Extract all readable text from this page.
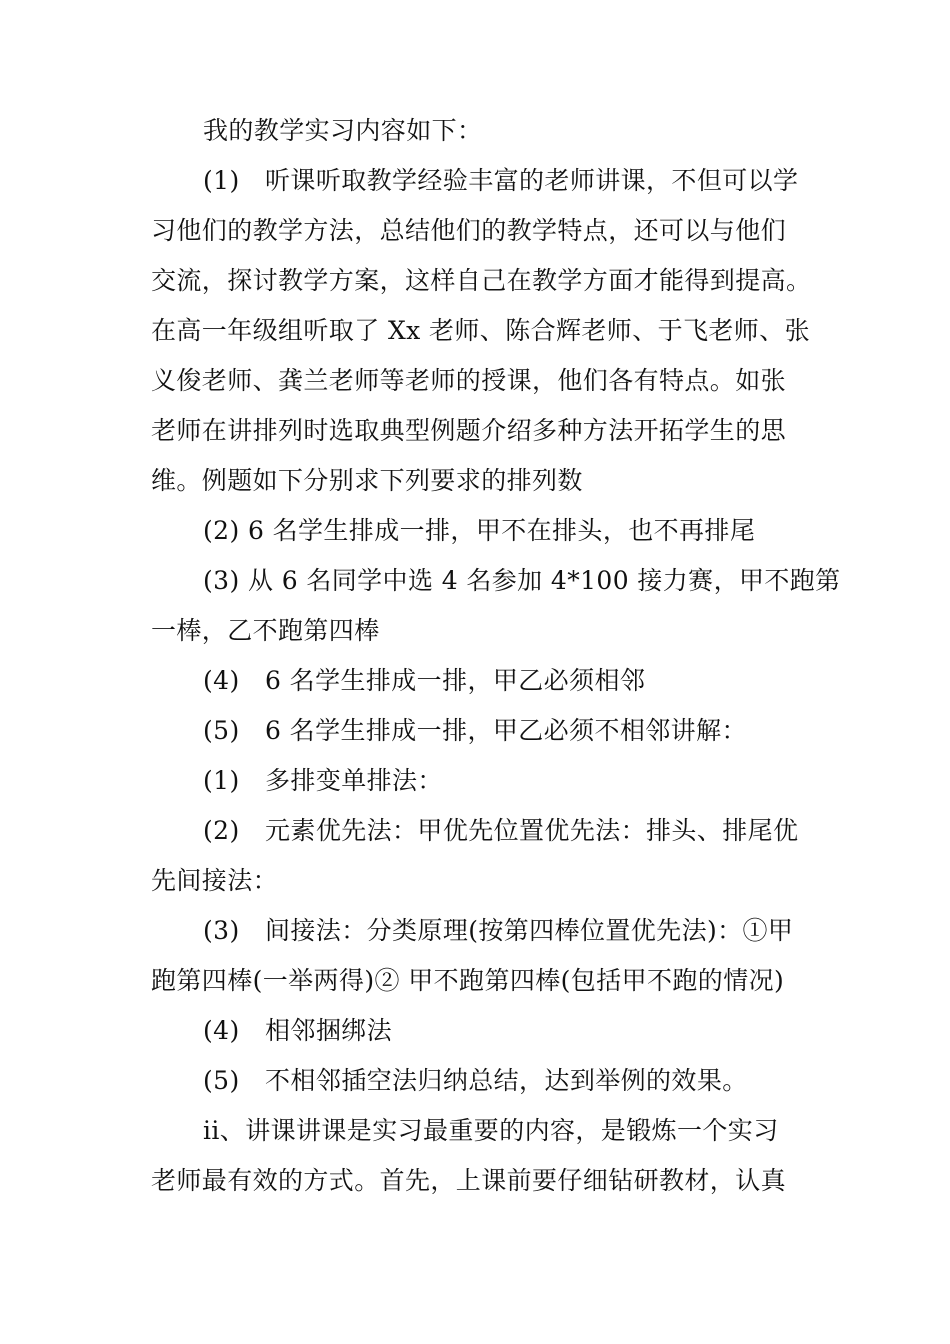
我的教学实习内容如下：
(1)　听课听取教学经验丰富的老师讲课，不但可以学
习他们的教学方法，总结他们的教学特点，还可以与他们
交流，探讨教学方案，这样自己在教学方面才能得到提高。
在高一年级组听取了 Xx 老师、陈合辉老师、于飞老师、张
义俊老师、龚兰老师等老师的授课，他们各有特点。如张
老师在讲排列时选取典型例题介绍多种方法开拓学生的思
维。例题如下分别求下列要求的排列数
(2) 6 名学生排成一排，甲不在排头，也不再排尾
(3) 从 6 名同学中选 4 名参加 4*100 接力赛，甲不跑第
一棒，乙不跑第四棒
(4)　6 名学生排成一排，甲乙必须相邻
(5)　6 名学生排成一排，甲乙必须不相邻讲解：
(1)　多排变单排法：
(2)　元素优先法：甲优先位置优先法：排头、排尾优
先间接法：
(3)　间接法：分类原理(按第四棒位置优先法)：①甲
跑第四棒(一举两得)② 甲不跑第四棒(包括甲不跑的情况)
(4)　相邻捆绑法
(5)　不相邻插空法归纳总结，达到举例的效果。
ii、讲课讲课是实习最重要的内容，是锻炼一个实习
老师最有效的方式。首先，上课前要仔细钻研教材，认真
